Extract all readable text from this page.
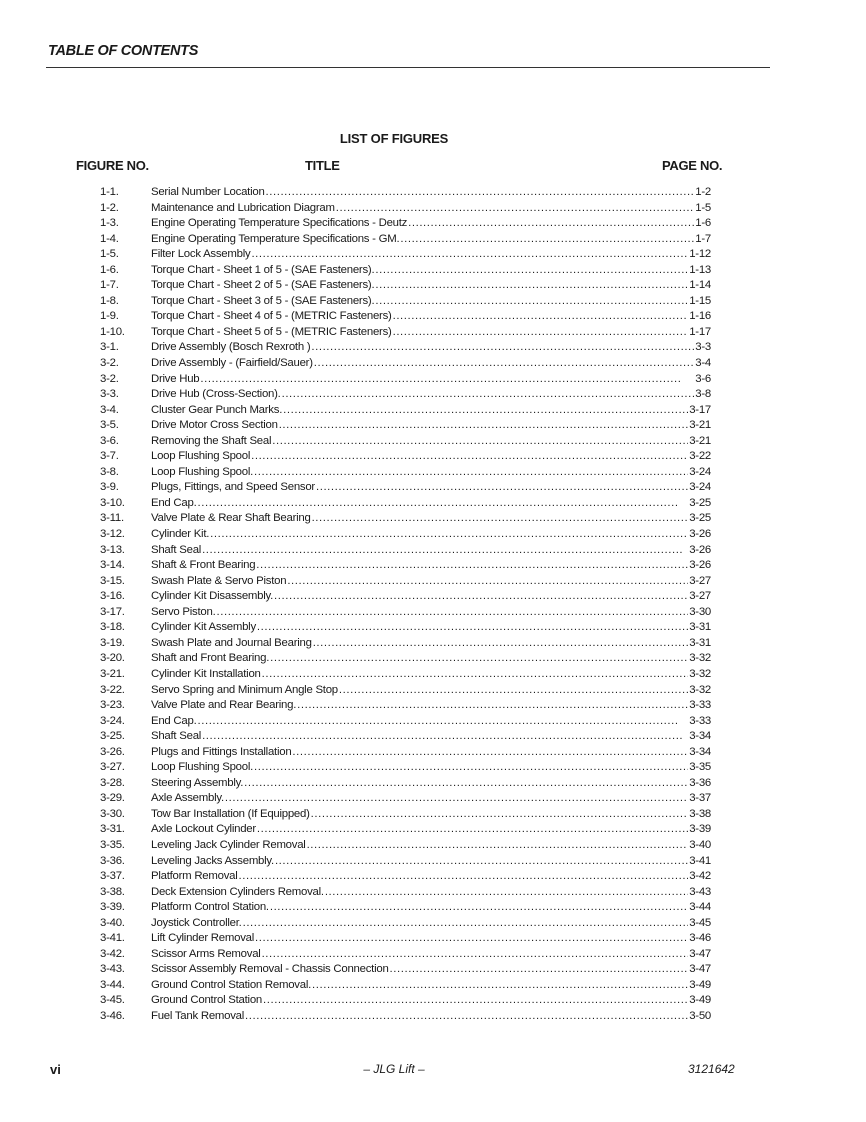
TABLE OF CONTENTS
LIST OF FIGURES
FIGURE NO.	TITLE	PAGE NO.
1-1.	Serial Number Location . . .	1-2
1-2.	Maintenance and Lubrication Diagram . . .	1-5
1-3.	Engine Operating Temperature Specifications - Deutz . . .	1-6
1-4.	Engine Operating Temperature Specifications - GM. . . .	1-7
1-5.	Filter Lock Assembly . . .	1-12
1-6.	Torque Chart - Sheet 1 of 5 - (SAE Fasteners). . . .	1-13
1-7.	Torque Chart - Sheet 2 of 5 - (SAE Fasteners). . . .	1-14
1-8.	Torque Chart - Sheet 3 of 5 - (SAE Fasteners). . . .	1-15
1-9.	Torque Chart - Sheet 4 of 5 - (METRIC Fasteners) . . .	1-16
1-10. Torque Chart - Sheet 5 of 5 - (METRIC Fasteners) . . .	1-17
3-1.	Drive Assembly (Bosch Rexroth ) . . .	3-3
3-2.	Drive Assembly - (Fairfield/Sauer) . . .	3-4
3-2.	Drive Hub . . .	3-6
3-3.	Drive Hub (Cross-Section). . . .	3-8
3-4.	Cluster Gear Punch Marks. . . .	3-17
3-5.	Drive Motor Cross Section . . .	3-21
3-6.	Removing the Shaft Seal . . .	3-21
3-7.	Loop Flushing Spool . . .	3-22
3-8.	Loop Flushing Spool. . . .	3-24
3-9.	Plugs, Fittings, and Speed Sensor . . .	3-24
3-10. End Cap. . . .	3-25
3-11. Valve Plate & Rear Shaft Bearing . . .	3-25
3-12. Cylinder Kit. . . .	3-26
3-13. Shaft Seal . . .	3-26
3-14. Shaft & Front Bearing . . .	3-26
3-15. Swash Plate & Servo Piston . . .	3-27
3-16. Cylinder Kit Disassembly. . . .	3-27
3-17. Servo Piston. . . .	3-30
3-18. Cylinder Kit Assembly . . .	3-31
3-19. Swash Plate and Journal Bearing . . .	3-31
3-20. Shaft and Front Bearing. . . .	3-32
3-21. Cylinder Kit Installation . . .	3-32
3-22. Servo Spring and Minimum Angle Stop . . .	3-32
3-23. Valve Plate and Rear Bearing. . . .	3-33
3-24. End Cap. . . .	3-33
3-25. Shaft Seal . . .	3-34
3-26. Plugs and Fittings Installation . . .	3-34
3-27. Loop Flushing Spool. . . .	3-35
3-28. Steering Assembly. . . .	3-36
3-29. Axle Assembly. . . .	3-37
3-30. Tow Bar Installation (If Equipped) . . .	3-38
3-31. Axle Lockout Cylinder . . .	3-39
3-35. Leveling Jack Cylinder Removal . . .	3-40
3-36. Leveling Jacks Assembly. . . .	3-41
3-37. Platform Removal . . .	3-42
3-38. Deck Extension Cylinders Removal. . . .	3-43
3-39. Platform Control Station. . . .	3-44
3-40. Joystick Controller. . . .	3-45
3-41. Lift Cylinder Removal . . .	3-46
3-42. Scissor Arms Removal . . .	3-47
3-43. Scissor Assembly Removal - Chassis Connection . . .	3-47
3-44. Ground Control Station Removal. . . .	3-49
3-45. Ground Control Station . . .	3-49
3-46. Fuel Tank Removal . . .	3-50
vi	– JLG Lift –	3121642
